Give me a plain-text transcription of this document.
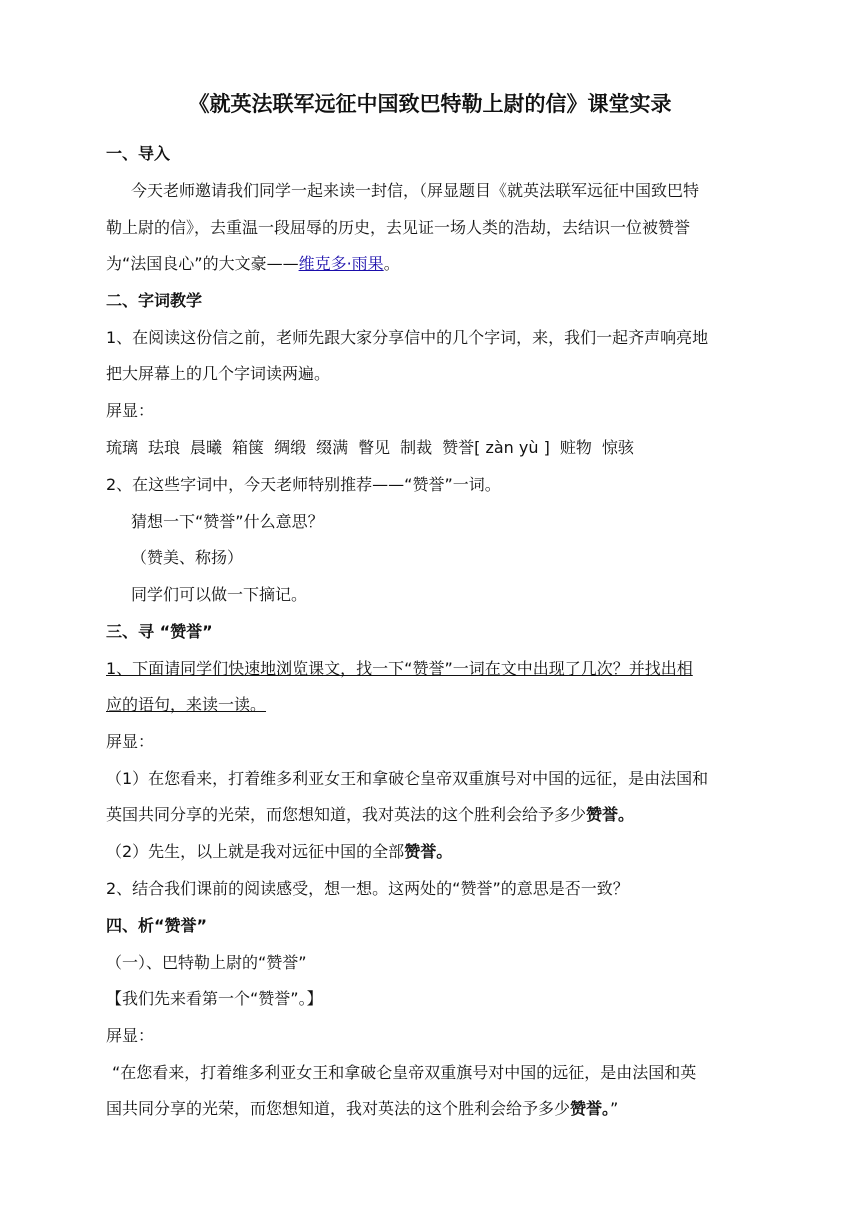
《就英法联军远征中国致巴特勒上尉的信》课堂实录
一、导入
今天老师邀请我们同学一起来读一封信，（屏显题目《就英法联军远征中国致巴特
勒上尉的信》，去重温一段屈辱的历史，去见证一场人类的浩劫，去结识一位被赞誉
为“法国良心”的大文豪——维克多·雨果。
二、字词教学
1、在阅读这份信之前，老师先跟大家分享信中的几个字词，来，我们一起齐声响亮地
把大屏幕上的几个字词读两遍。
屏显：
琉璃 珐琅 晨曦 箱箧 绸缎 缀满 瞥见 制裁 赞誉[ zàn yù ] 赃物 惊骇
2、在这些字词中，今天老师特别推荐——“赞誉”一词。
猜想一下“赞誉”什么意思？
（赞美、称扬）
同学们可以做一下摘记。
三、寻 “赞誉”
1、下面请同学们快速地浏览课文，找一下“赞誉”一词在文中出现了几次？并找出相
应的语句，来读一读。
屏显：
（1）在您看来，打着维多利亚女王和拿破仑皇帝双重旗号对中国的远征，是由法国和
英国共同分享的光荣，而您想知道，我对英法的这个胜利会给予多少赞誉。
（2）先生，以上就是我对远征中国的全部赞誉。
2、结合我们课前的阅读感受，想一想。这两处的“赞誉”的意思是否一致？
四、析“赞誉”
（一）、巴特勒上尉的“赞誉”
【我们先来看第一个“赞誉”。】
屏显：
“在您看来，打着维多利亚女王和拿破仑皇帝双重旗号对中国的远征，是由法国和英
国共同分享的光荣，而您想知道，我对英法的这个胜利会给予多少赞誉。”
